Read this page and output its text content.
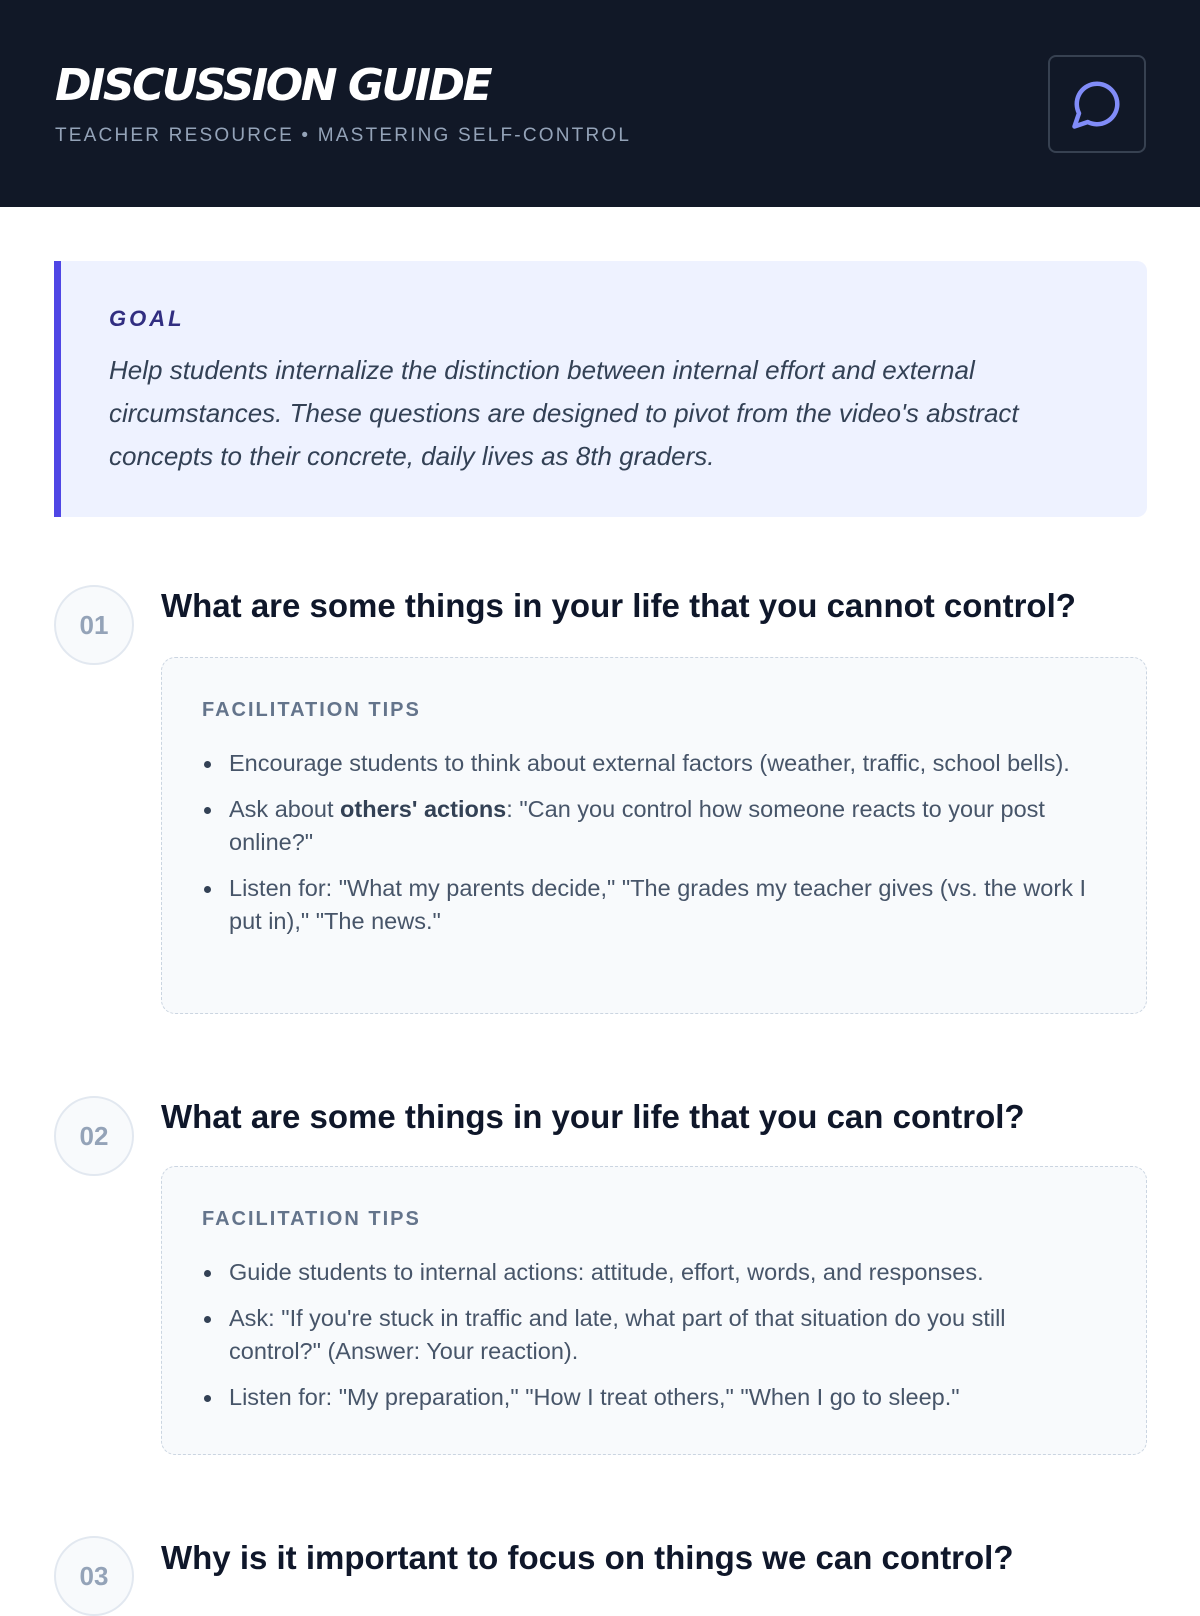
DISCUSSION GUIDE
TEACHER RESOURCE • MASTERING SELF-CONTROL
GOAL
Help students internalize the distinction between internal effort and external circumstances. These questions are designed to pivot from the video's abstract concepts to their concrete, daily lives as 8th graders.
01
What are some things in your life that you cannot control?
FACILITATION TIPS
Encourage students to think about external factors (weather, traffic, school bells).
Ask about others' actions: "Can you control how someone reacts to your post online?"
Listen for: "What my parents decide," "The grades my teacher gives (vs. the work I put in)," "The news."
02
What are some things in your life that you can control?
FACILITATION TIPS
Guide students to internal actions: attitude, effort, words, and responses.
Ask: "If you're stuck in traffic and late, what part of that situation do you still control?" (Answer: Your reaction).
Listen for: "My preparation," "How I treat others," "When I go to sleep."
03	Why is it important to focus on things we can control?
